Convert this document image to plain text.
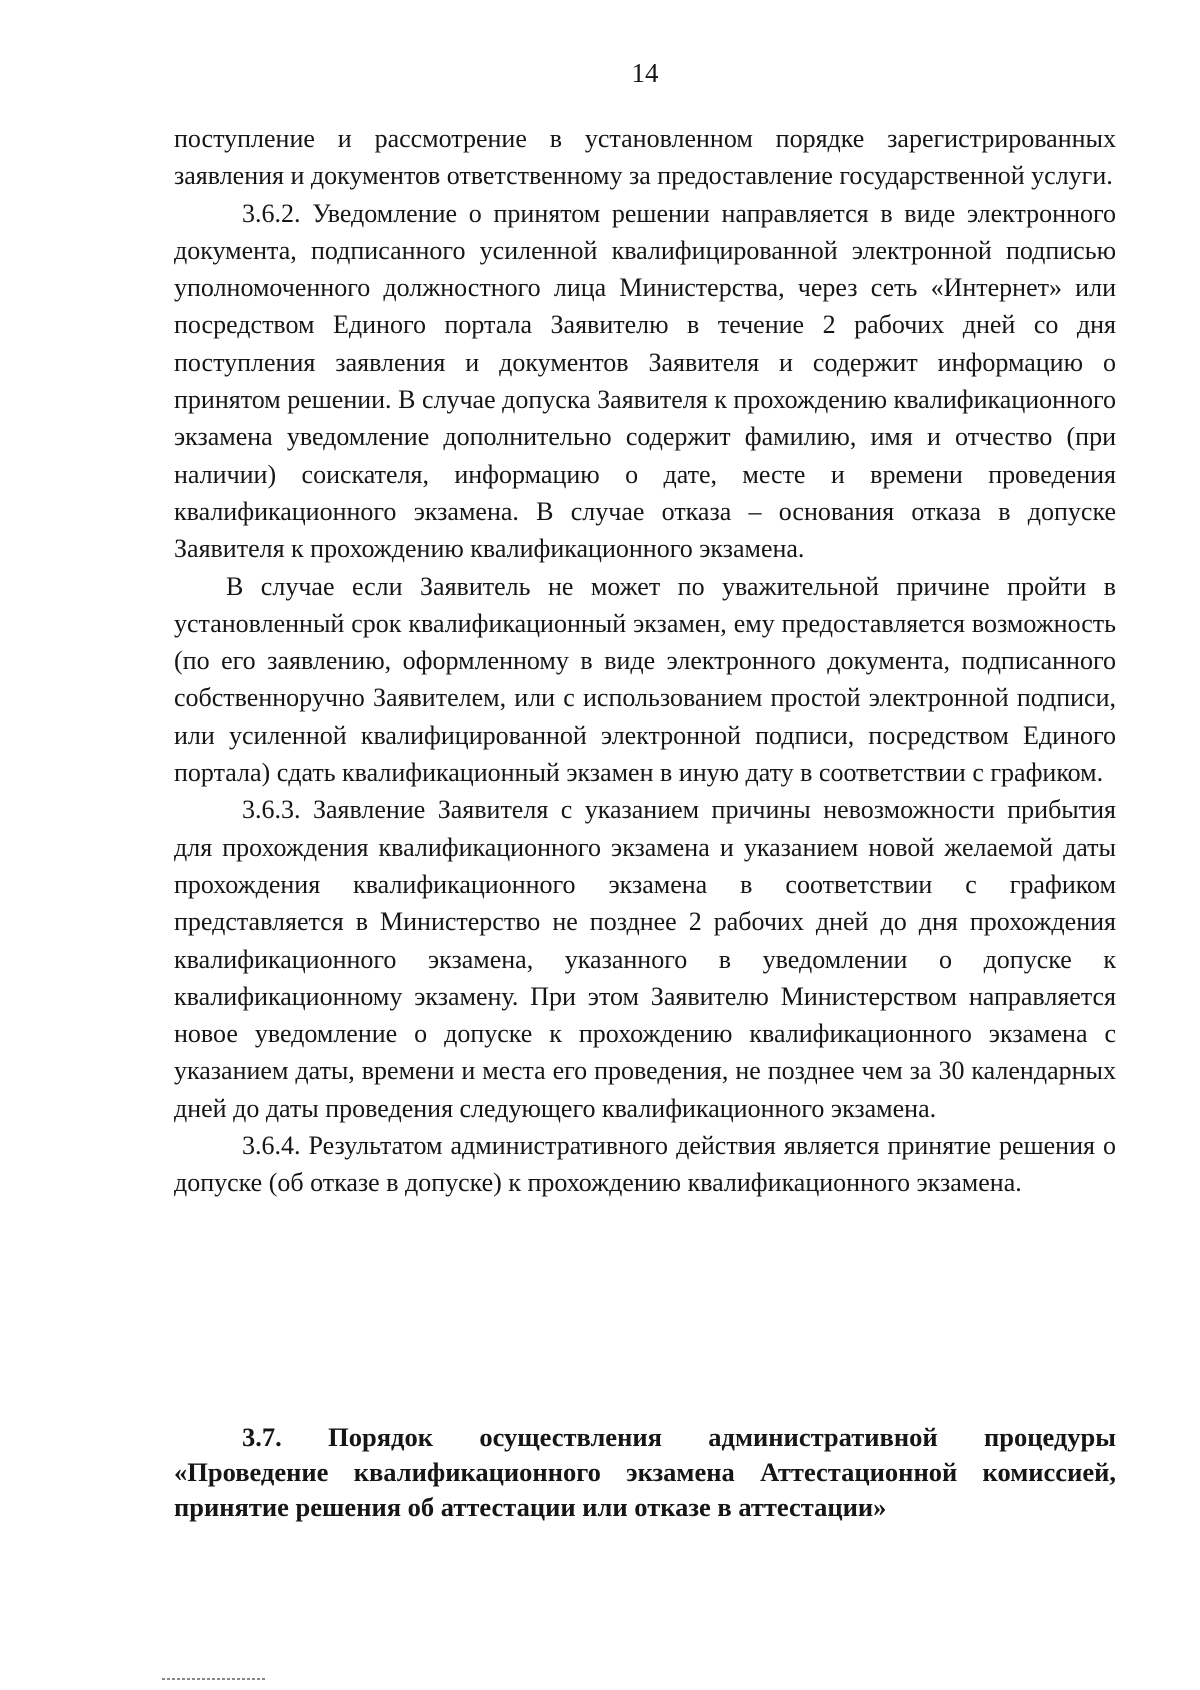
14

поступление и рассмотрение в установленном порядке зарегистрированных заявления и документов ответственному за предоставление государственной услуги.

3.6.2. Уведомление о принятом решении направляется в виде электронного документа, подписанного усиленной квалифицированной электронной подписью уполномоченного должностного лица Министерства, через сеть «Интернет» или посредством Единого портала Заявителю в течение 2 рабочих дней со дня поступления заявления и документов Заявителя и содержит информацию о принятом решении. В случае допуска Заявителя к прохождению квалификационного экзамена уведомление дополнительно содержит фамилию, имя и отчество (при наличии) соискателя, информацию о дате, месте и времени проведения квалификационного экзамена. В случае отказа – основания отказа в допуске Заявителя к прохождению квалификационного экзамена.

В случае если Заявитель не может по уважительной причине пройти в установленный срок квалификационный экзамен, ему предоставляется возможность (по его заявлению, оформленному в виде электронного документа, подписанного собственноручно Заявителем, или с использованием простой электронной подписи, или усиленной квалифицированной электронной подписи, посредством Единого портала) сдать квалификационный экзамен в иную дату в соответствии с графиком.

3.6.3. Заявление Заявителя с указанием причины невозможности прибытия для прохождения квалификационного экзамена и указанием новой желаемой даты прохождения квалификационного экзамена в соответствии с графиком представляется в Министерство не позднее 2 рабочих дней до дня прохождения квалификационного экзамена, указанного в уведомлении о допуске к квалификационному экзамену. При этом Заявителю Министерством направляется новое уведомление о допуске к прохождению квалификационного экзамена с указанием даты, времени и места его проведения, не позднее чем за 30 календарных дней до даты проведения следующего квалификационного экзамена.

3.6.4. Результатом административного действия является принятие решения о допуске (об отказе в допуске) к прохождению квалификационного экзамена.

3.7. Порядок осуществления административной процедуры «Проведение квалификационного экзамена Аттестационной комиссией, принятие решения об аттестации или отказе в аттестации»
